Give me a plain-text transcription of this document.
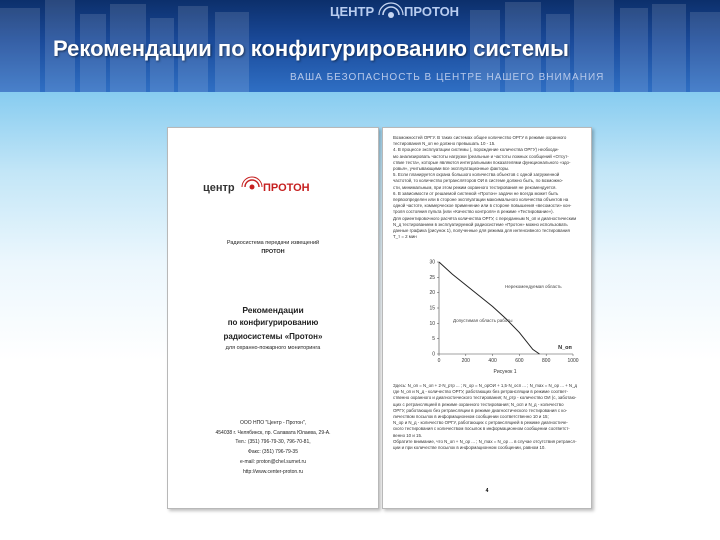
ЦЕНТР ПРОТОН
Рекомендации по конфигурированию системы
ВАША БЕЗОПАСНОСТЬ В ЦЕНТРЕ НАШЕГО ВНИМАНИЯ
центр	ПРОТОН
Радиосистема передачи извещений
ПРОТОН
Рекомендации
по конфигурированию
радиосистемы «Протон»
для охранно-пожарного мониторинга
ООО НПО "Центр - Протон",
454038 г. Челябинск, пр. Салавата Юлаева, 29-А.
Тел.: (351) 796-79-30, 796-70-81,
Факс: (351) 796-79-35
e-mail: proton@chel.surnet.ru
http://www.center-proton.ru
Возможностей ОРГУ. В таких системах общее количество ОРГУ в режиме охранного
тестирования N_оп не должно превышать 10 - 15.
4. В процессе эксплуатации системы (, порождение количества ОРГУ) необходи-
мо анализировать частоты нагрузки (реальные и частоты ложных сообщений «Отсут-
ствие теста», которые являются интегральными показателями функционального «здо-
ровья», учитывающими все эксплуатационные факторы.
5. Если планируется охрана большого количества объектов с одной загруженной
частотой, то количество ретрансляторов ОИ в системе должно быть, по возможно-
сти, минимальным, при этом режим охранного тестирования не рекомендуется.
6. В зависимости от решаемой системой «Протон» задачи не всегда может быть
первоопределен или в стороне эксплуатации максимального количества объектов на
одной частоте, коммерческое применение или в стороне повышения «весомости» кон-
троля состояния пульта (или «Качество контроля» в режиме «Тестирование»).
Для ориентировочного расчёта количества ОРГУ, с переданным N_оп и диагностическим
N_д тестированием в эксплуатируемой радиосистеме «Протон» можно использовать
данные графика (рисунок 1), полученные для режима для интенсивного тестирования
T_т = 2 мин
0
5
10
15
20
25
30
0	200	400	600	800	1000
Нерекомендуемая область
Допустимая область работы
N_оп
Рисунок 1
Здесь: N_оп = N_оп + 2·N_ртр ... ; N_ор = N_орОИ + 1,5·N_осп ... ; N_max = N_ор ... + N_д
где N_оп и N_д - количество ОРГУ, работающих без ретрансляции в режиме соответ-
ственно охранного и диагностического тестирования; N_ртр - количество ОИ (с, заботаю-
щих с ретрансляцией в режиме охранного тестирования; N_осп и N_д - количество
ОРГУ, работающих без ретрансляции в режиме диагностического тестирования с ко-
личеством посылок в информационном сообщении соответственно 10 и 15;
N_ор и N_д - количество ОРГУ, работающих с ретрансляцией в режиме диагностиче-
ского тестирования с количеством посылок в информационном сообщении соответст-
венно 10 и 15.
Обратите внимание, что N_оп + N_ор ... ; N_max = N_ор ... в случае отсутствия ретрансл-
ции и при количестве посылок в информационном сообщении, равном 10.
4
